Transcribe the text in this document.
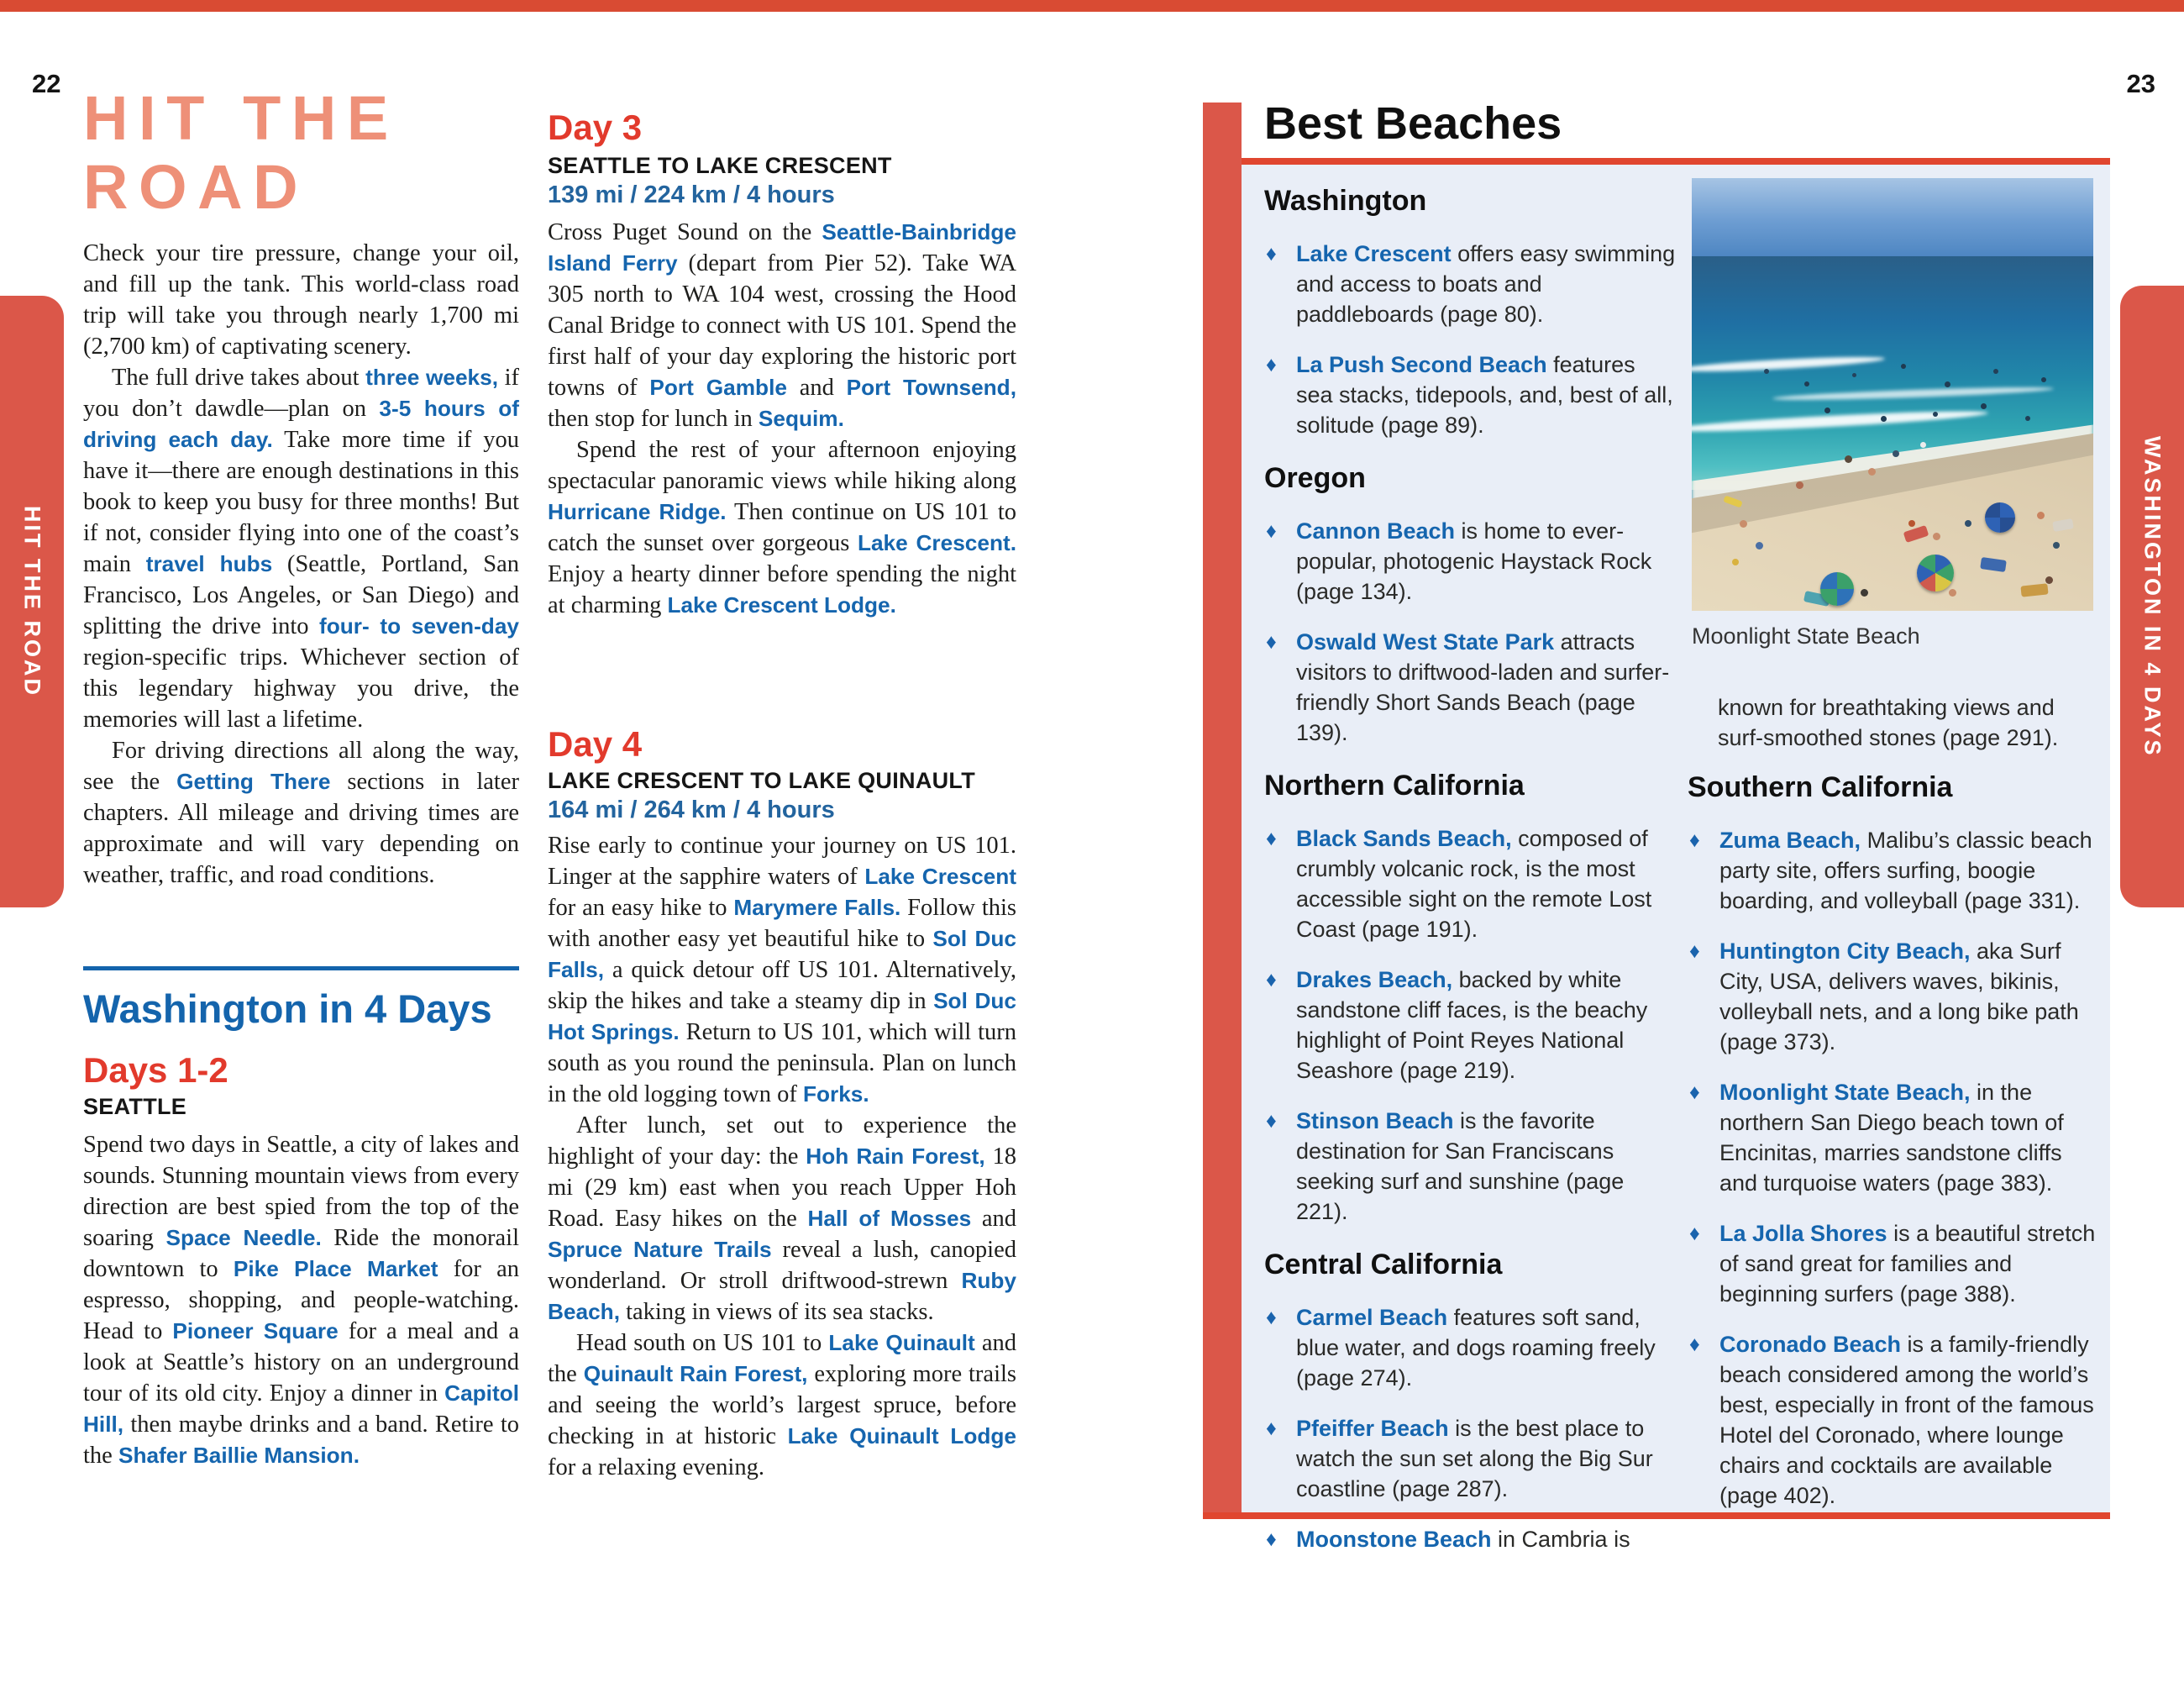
22	23
HIT THE ROAD	WASHINGTON IN 4 DAYS
HIT THE
ROAD

Check your tire pressure, change your oil, and fill up the tank. This world-class road trip will take you through nearly 1,700 mi (2,700 km) of captivating scenery.

The full drive takes about three weeks, if you don’t dawdle—plan on 3-5 hours of driving each day. Take more time if you have it—there are enough destinations in this book to keep you busy for three months! But if not, consider flying into one of the coast’s main travel hubs (Seattle, Portland, San Francisco, Los Angeles, or San Diego) and splitting the drive into four- to seven-day region-specific trips. Whichever section of this legendary highway you drive, the memories will last a lifetime.

For driving directions all along the way, see the Getting There sections in later chapters. All mileage and driving times are approximate and will vary depending on weather, traffic, and road conditions.

Washington in 4 Days
Days 1-2
SEATTLE

Spend two days in Seattle, a city of lakes and sounds. Stunning mountain views from every direction are best spied from the top of the soaring Space Needle. Ride the monorail downtown to Pike Place Market for an espresso, shopping, and people-watching. Head to Pioneer Square for a meal and a look at Seattle’s history on an underground tour of its old city. Enjoy a dinner in Capitol Hill, then maybe drinks and a band. Retire to the Shafer Baillie Mansion.

Day 3
SEATTLE TO LAKE CRESCENT
139 mi / 224 km / 4 hours

Cross Puget Sound on the Seattle-Bainbridge Island Ferry (depart from Pier 52). Take WA 305 north to WA 104 west, crossing the Hood Canal Bridge to connect with US 101. Spend the first half of your day exploring the historic port towns of Port Gamble and Port Townsend, then stop for lunch in Sequim.

Spend the rest of your afternoon enjoying spectacular panoramic views while hiking along Hurricane Ridge. Then continue on US 101 to catch the sunset over gorgeous Lake Crescent. Enjoy a hearty dinner before spending the night at charming Lake Crescent Lodge.

Day 4
LAKE CRESCENT TO LAKE QUINAULT
164 mi / 264 km / 4 hours

Rise early to continue your journey on US 101. Linger at the sapphire waters of Lake Crescent for an easy hike to Marymere Falls. Follow this with another easy yet beautiful hike to Sol Duc Falls, a quick detour off US 101. Alternatively, skip the hikes and take a steamy dip in Sol Duc Hot Springs. Return to US 101, which will turn south as you round the peninsula. Plan on lunch in the old logging town of Forks.

After lunch, set out to experience the highlight of your day: the Hoh Rain Forest, 18 mi (29 km) east when you reach Upper Hoh Road. Easy hikes on the Hall of Mosses and Spruce Nature Trails reveal a lush, canopied wonderland. Or stroll driftwood-strewn Ruby Beach, taking in views of its sea stacks.

Head south on US 101 to Lake Quinault and the Quinault Rain Forest, exploring more trails and seeing the world’s largest spruce, before checking in at historic Lake Quinault Lodge for a relaxing evening.

Best Beaches
Washington
♦ Lake Crescent offers easy swimming and access to boats and paddleboards (page 80).
♦ La Push Second Beach features sea stacks, tidepools, and, best of all, solitude (page 89).
Oregon
♦ Cannon Beach is home to ever-popular, photogenic Haystack Rock (page 134).
♦ Oswald West State Park attracts visitors to driftwood-laden and surfer-friendly Short Sands Beach (page 139).
Northern California
♦ Black Sands Beach, composed of crumbly volcanic rock, is the most accessible sight on the remote Lost Coast (page 191).
♦ Drakes Beach, backed by white sandstone cliff faces, is the beachy highlight of Point Reyes National Seashore (page 219).
♦ Stinson Beach is the favorite destination for San Franciscans seeking surf and sunshine (page 221).
Central California
♦ Carmel Beach features soft sand, blue water, and dogs roaming freely (page 274).
♦ Pfeiffer Beach is the best place to watch the sun set along the Big Sur coastline (page 287).
♦ Moonstone Beach in Cambria is
Moonlight State Beach
known for breathtaking views and surf-smoothed stones (page 291).
Southern California
♦ Zuma Beach, Malibu’s classic beach party site, offers surfing, boogie boarding, and volleyball (page 331).
♦ Huntington City Beach, aka Surf City, USA, delivers waves, bikinis, volleyball nets, and a long bike path (page 373).
♦ Moonlight State Beach, in the northern San Diego beach town of Encinitas, marries sandstone cliffs and turquoise waters (page 383).
♦ La Jolla Shores is a beautiful stretch of sand great for families and beginning surfers (page 388).
♦ Coronado Beach is a family-friendly beach considered among the world’s best, especially in front of the famous Hotel del Coronado, where lounge chairs and cocktails are available (page 402).
